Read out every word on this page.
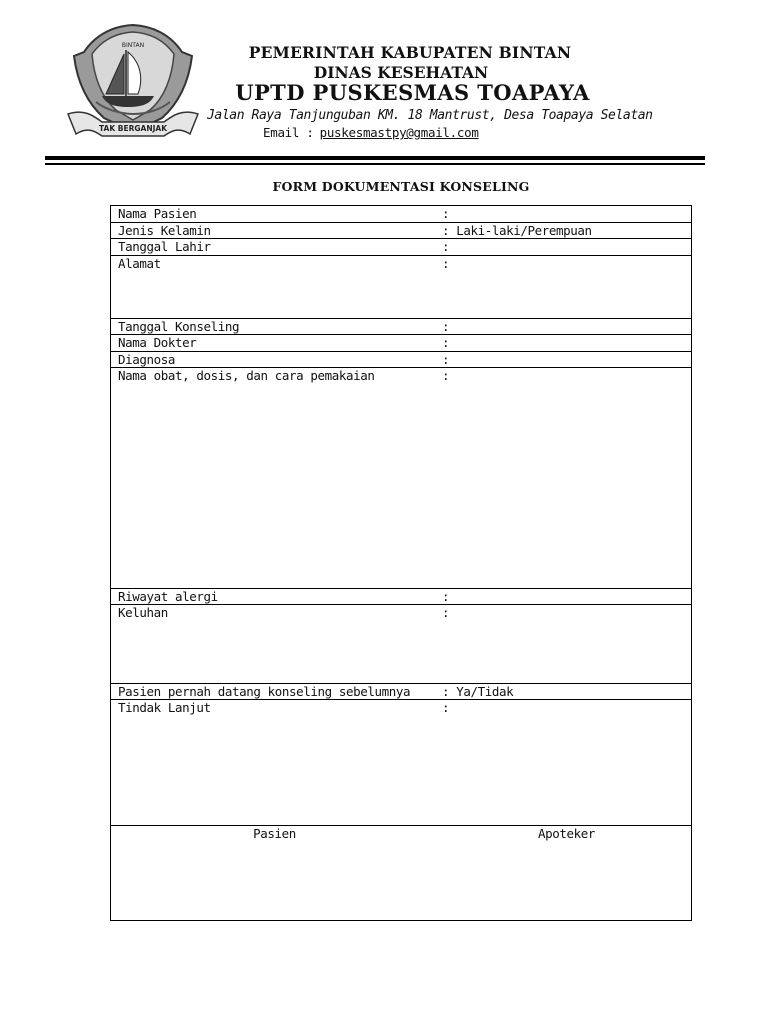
BINTAN
TAK BERGANJAK
PEMERINTAH KABUPATEN BINTAN
DINAS KESEHATAN
UPTD PUSKESMAS TOAPAYA
Jalan Raya Tanjunguban KM. 18 Mantrust, Desa Toapaya Selatan
Email : puskesmastpy@gmail.com
FORM DOKUMENTASI KONSELING
Nama Pasien	:
Jenis Kelamin	: Laki-laki/Perempuan
Tanggal Lahir	:
Alamat	:
Tanggal Konseling	:
Nama Dokter	:
Diagnosa	:
Nama obat, dosis, dan cara pemakaian	:
Riwayat alergi	:
Keluhan	:
Pasien pernah datang konseling sebelumnya	: Ya/Tidak
Tindak Lanjut	:
Pasien	Apoteker
